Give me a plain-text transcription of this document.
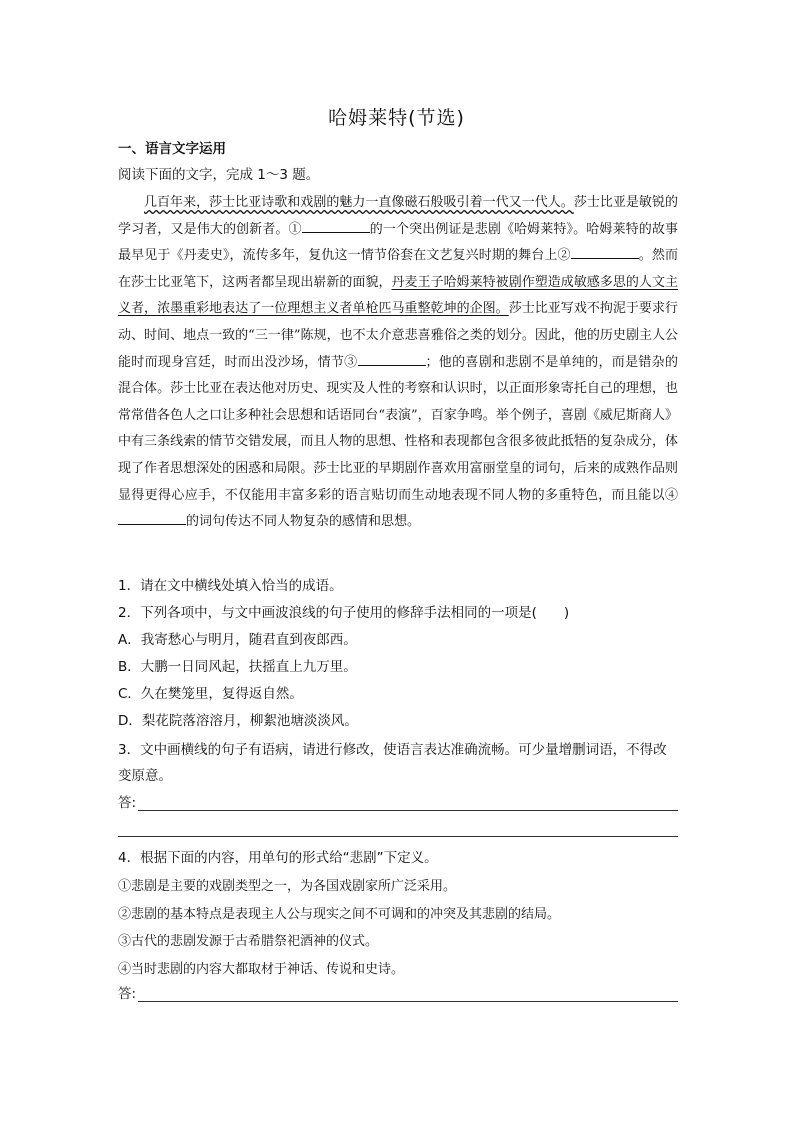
哈姆莱特(节选)
一、语言文字运用
阅读下面的文字，完成 1～3 题。

几百年来，莎士比亚诗歌和戏剧的魅力一直像磁石般吸引着一代又一代人。莎士比亚是敏锐的学习者，又是伟大的创新者。①	的一个突出例证是悲剧《哈姆莱特》。哈姆莱特的故事最早见于《丹麦史》，流传多年，复仇这一情节俗套在文艺复兴时期的舞台上②	。然而在莎士比亚笔下，这两者都呈现出崭新的面貌，丹麦王子哈姆莱特被剧作塑造成敏感多思的人文主义者，浓墨重彩地表达了一位理想主义者单枪匹马重整乾坤的企图。莎士比亚写戏不拘泥于要求行动、时间、地点一致的“三一律”陈规，也不太介意悲喜雅俗之类的划分。因此，他的历史剧主人公能时而现身宫廷，时而出没沙场，情节③	；他的喜剧和悲剧不是单纯的，而是错杂的混合体。莎士比亚在表达他对历史、现实及人性的考察和认识时，以正面形象寄托自己的理想，也常常借各色人之口让多种社会思想和话语同台“表演”，百家争鸣。举个例子，喜剧《威尼斯商人》中有三条线索的情节交错发展，而且人物的思想、性格和表现都包含很多彼此抵牾的复杂成分，体现了作者思想深处的困惑和局限。莎士比亚的早期剧作喜欢用富丽堂皇的词句，后来的成熟作品则显得更得心应手，不仅能用丰富多彩的语言贴切而生动地表现不同人物的多重特色，而且能以④的词句传达不同人物复杂的感情和思想。

1．请在文中横线处填入恰当的成语。

2．下列各项中，与文中画波浪线的句子使用的修辞手法相同的一项是(　　)

A．我寄愁心与明月，随君直到夜郎西。

B．大鹏一日同风起，扶摇直上九万里。

C．久在樊笼里，复得返自然。

D．梨花院落溶溶月，柳絮池塘淡淡风。

3．文中画横线的句子有语病，请进行修改，使语言表达准确流畅。可少量增删词语，不得改变原意。

答:

4．根据下面的内容，用单句的形式给“悲剧”下定义。

①悲剧是主要的戏剧类型之一，为各国戏剧家所广泛采用。

②悲剧的基本特点是表现主人公与现实之间不可调和的冲突及其悲剧的结局。

③古代的悲剧发源于古希腊祭祀酒神的仪式。

④当时悲剧的内容大都取材于神话、传说和史诗。

答:
